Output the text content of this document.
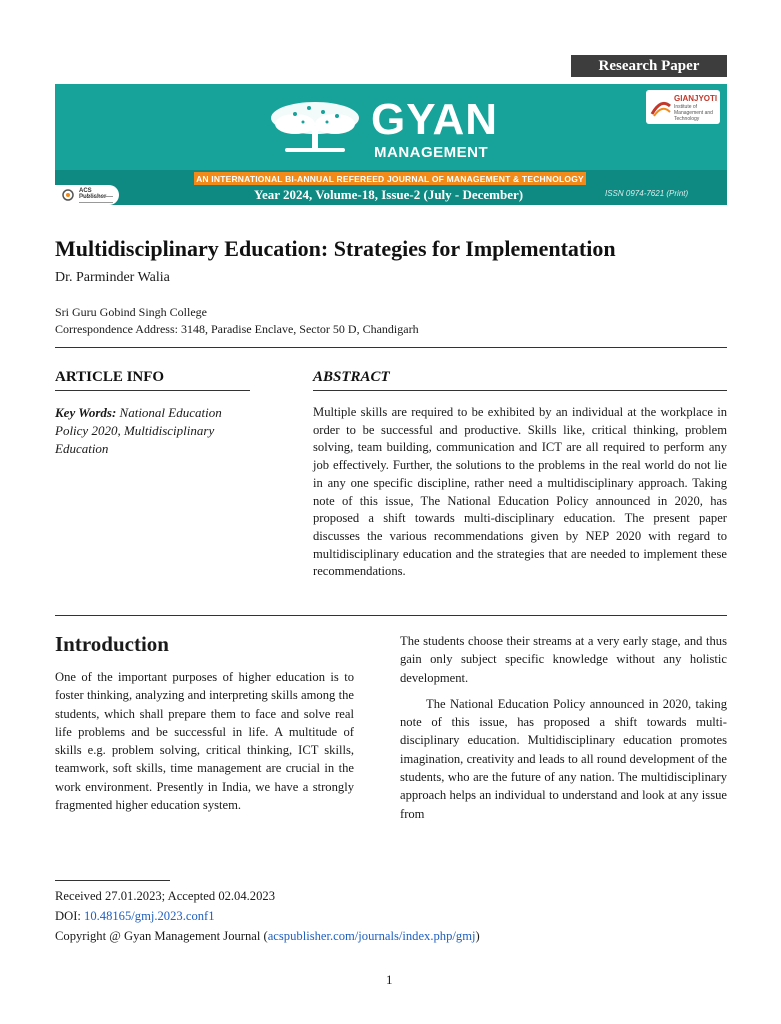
Research Paper
GYAN
MANAGEMENT
GIANJYOTI
Institute of Management and Technology
AN INTERNATIONAL BI-ANNUAL REFEREED JOURNAL OF MANAGEMENT & TECHNOLOGY
Year 2024, Volume-18, Issue-2 (July - December)	ISSN 0974-7621 (Print)
ACS Publisher
Multidisciplinary Education: Strategies for Implementation
Dr. Parminder Walia
Sri Guru Gobind Singh College
Correspondence Address: 3148, Paradise Enclave, Sector 50 D, Chandigarh
ARTICLE INFO	ABSTRACT
Key Words: National Education Policy 2020, Multidisciplinary Education
Multiple skills are required to be exhibited by an individual at the workplace in order to be successful and productive. Skills like, critical thinking, problem solving, team building, communication and ICT are all required to perform any job effectively. Further, the solutions to the problems in the real world do not lie in any one specific discipline, rather need a multidisciplinary approach. Taking note of this issue, The National Education Policy announced in 2020, has proposed a shift towards multi-disciplinary education. The present paper discusses the various recommendations given by NEP 2020 with regard to multidisciplinary education and the strategies that are needed to implement these recommendations.
Introduction

One of the important purposes of higher education is to foster thinking, analyzing and interpreting skills among the students, which shall prepare them to face and solve real life problems and be successful in life. A multitude of skills e.g. problem solving, critical thinking, ICT skills, teamwork, soft skills, time management are crucial in the work environment. Presently in India, we have a strongly fragmented higher education system.

The students choose their streams at a very early stage, and thus gain only subject specific knowledge without any holistic development.

The National Education Policy announced in 2020, taking note of this issue, has proposed a shift towards multi-disciplinary education. Multidisciplinary education promotes imagination, creativity and leads to all round development of the students, who are the future of any nation. The multidisciplinary approach helps an individual to understand and look at any issue from

Received 27.01.2023; Accepted 02.04.2023
DOI: 10.48165/gmj.2023.conf1
Copyright @ Gyan Management Journal (acspublisher.com/journals/index.php/gmj)
1
